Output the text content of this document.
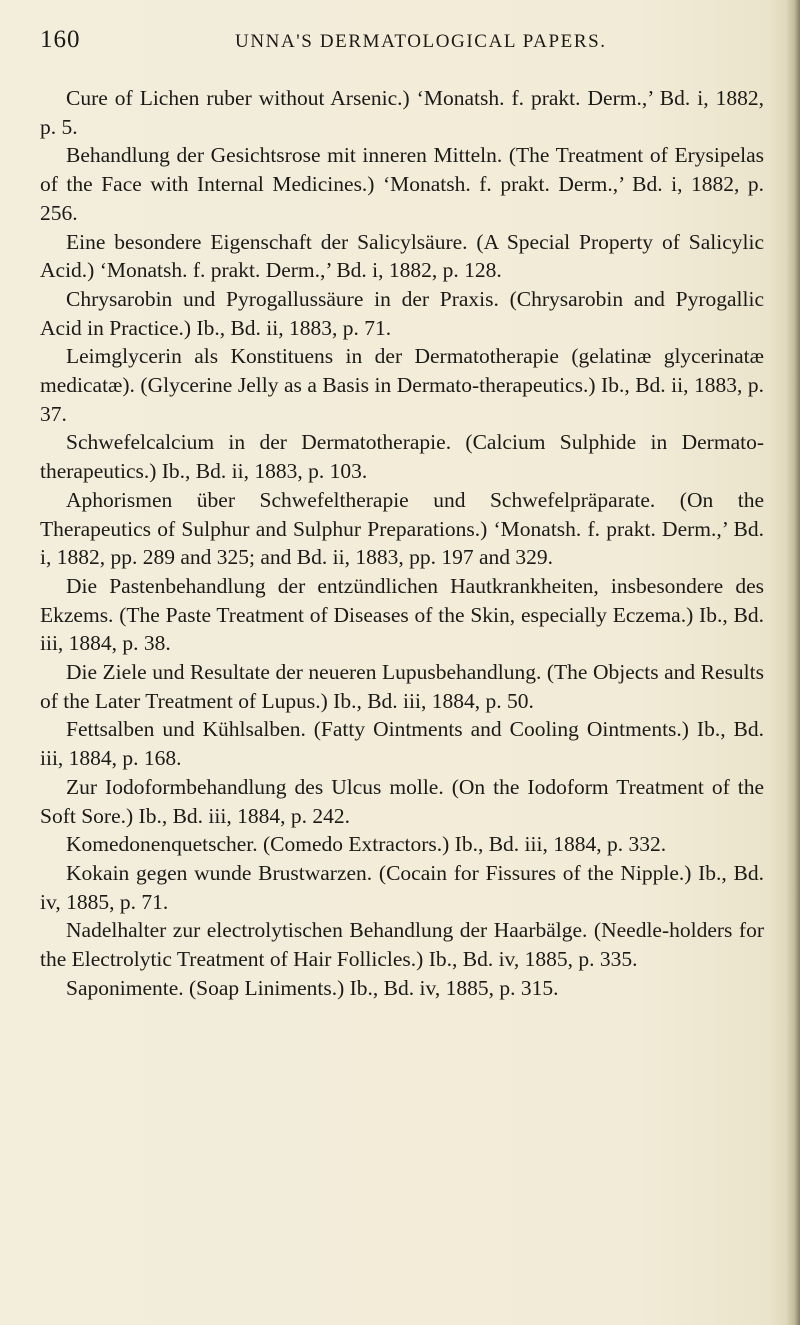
160	UNNA'S DERMATOLOGICAL PAPERS.

Cure of Lichen ruber without Arsenic.) ‘Monatsh. f. prakt. Derm.,’ Bd. i, 1882, p. 5.

Behandlung der Gesichtsrose mit inneren Mitteln. (The Treatment of Erysipelas of the Face with Internal Medicines.) ‘Monatsh. f. prakt. Derm.,’ Bd. i, 1882, p. 256.

Eine besondere Eigenschaft der Salicylsäure. (A Special Property of Salicylic Acid.) ‘Monatsh. f. prakt. Derm.,’ Bd. i, 1882, p. 128.

Chrysarobin und Pyrogallussäure in der Praxis. (Chrysarobin and Pyrogallic Acid in Practice.) Ib., Bd. ii, 1883, p. 71.

Leimglycerin als Konstituens in der Dermatotherapie (gelatinæ glycerinatæ medicatæ). (Glycerine Jelly as a Basis in Dermato-therapeutics.) Ib., Bd. ii, 1883, p. 37.

Schwefelcalcium in der Dermatotherapie. (Calcium Sulphide in Dermato-therapeutics.) Ib., Bd. ii, 1883, p. 103.

Aphorismen über Schwefeltherapie und Schwefelpräparate. (On the Therapeutics of Sulphur and Sulphur Preparations.) ‘Monatsh. f. prakt. Derm.,’ Bd. i, 1882, pp. 289 and 325; and Bd. ii, 1883, pp. 197 and 329.

Die Pastenbehandlung der entzündlichen Hautkrankheiten, insbesondere des Ekzems. (The Paste Treatment of Diseases of the Skin, especially Eczema.) Ib., Bd. iii, 1884, p. 38.

Die Ziele und Resultate der neueren Lupusbehandlung. (The Objects and Results of the Later Treatment of Lupus.) Ib., Bd. iii, 1884, p. 50.

Fettsalben und Kühlsalben. (Fatty Ointments and Cooling Ointments.) Ib., Bd. iii, 1884, p. 168.

Zur Iodoformbehandlung des Ulcus molle. (On the Iodoform Treatment of the Soft Sore.) Ib., Bd. iii, 1884, p. 242.

Komedonenquetscher. (Comedo Extractors.) Ib., Bd. iii, 1884, p. 332.

Kokain gegen wunde Brustwarzen. (Cocain for Fissures of the Nipple.) Ib., Bd. iv, 1885, p. 71.

Nadelhalter zur electrolytischen Behandlung der Haarbälge. (Needle-holders for the Electrolytic Treatment of Hair Follicles.) Ib., Bd. iv, 1885, p. 335.

Saponimente. (Soap Liniments.) Ib., Bd. iv, 1885, p. 315.
